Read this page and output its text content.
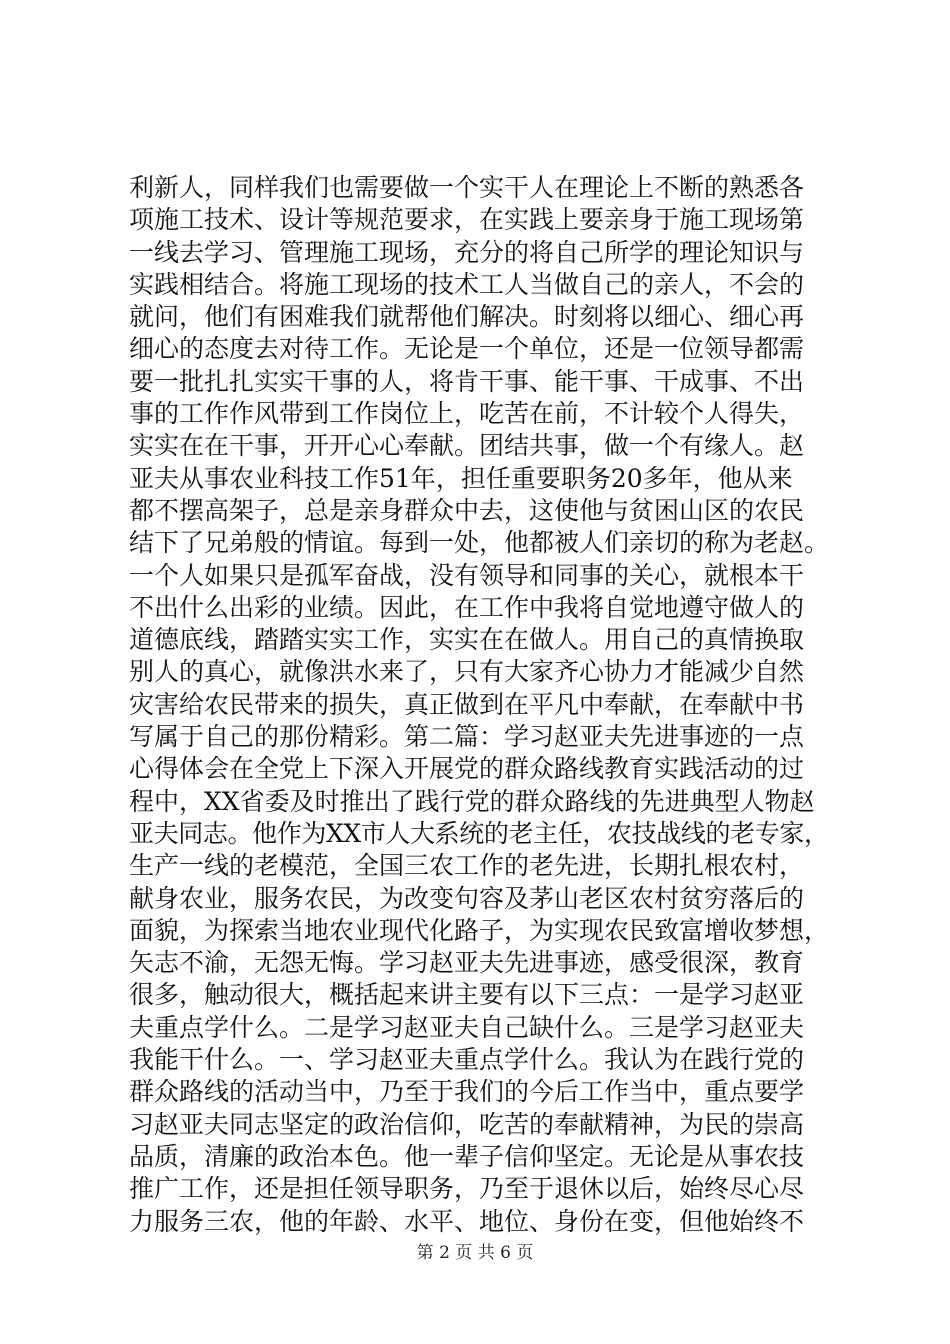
利新人，同样我们也需要做一个实干人在理论上不断的熟悉各
项施工技术、设计等规范要求，在实践上要亲身于施工现场第
一线去学习、管理施工现场，充分的将自己所学的理论知识与
实践相结合。将施工现场的技术工人当做自己的亲人，不会的
就问，他们有困难我们就帮他们解决。时刻将以细心、细心再
细心的态度去对待工作。无论是一个单位，还是一位领导都需
要一批扎扎实实干事的人，将肯干事、能干事、干成事、不出
事的工作作风带到工作岗位上，吃苦在前，不计较个人得失，
实实在在干事，开开心心奉献。团结共事，做一个有缘人。赵
亚夫从事农业科技工作51年，担任重要职务20多年，他从来
都不摆高架子，总是亲身群众中去，这使他与贫困山区的农民
结下了兄弟般的情谊。每到一处，他都被人们亲切的称为老赵。
一个人如果只是孤军奋战，没有领导和同事的关心，就根本干
不出什么出彩的业绩。因此，在工作中我将自觉地遵守做人的
道德底线，踏踏实实工作，实实在在做人。用自己的真情换取
别人的真心，就像洪水来了，只有大家齐心协力才能减少自然
灾害给农民带来的损失，真正做到在平凡中奉献，在奉献中书
写属于自己的那份精彩。第二篇：学习赵亚夫先进事迹的一点
心得体会在全党上下深入开展党的群众路线教育实践活动的过
程中，XX省委及时推出了践行党的群众路线的先进典型人物赵
亚夫同志。他作为XX市人大系统的老主任，农技战线的老专家，
生产一线的老模范，全国三农工作的老先进，长期扎根农村，
献身农业，服务农民，为改变句容及茅山老区农村贫穷落后的
面貌，为探索当地农业现代化路子，为实现农民致富增收梦想，
矢志不渝，无怨无悔。学习赵亚夫先进事迹，感受很深，教育
很多，触动很大，概括起来讲主要有以下三点：一是学习赵亚
夫重点学什么。二是学习赵亚夫自己缺什么。三是学习赵亚夫
我能干什么。一、学习赵亚夫重点学什么。我认为在践行党的
群众路线的活动当中，乃至于我们的今后工作当中，重点要学
习赵亚夫同志坚定的政治信仰，吃苦的奉献精神，为民的崇高
品质，清廉的政治本色。他一辈子信仰坚定。无论是从事农技
推广工作，还是担任领导职务，乃至于退休以后，始终尽心尽
力服务三农，他的年龄、水平、地位、身份在变，但他始终不
第 2 页 共 6 页
